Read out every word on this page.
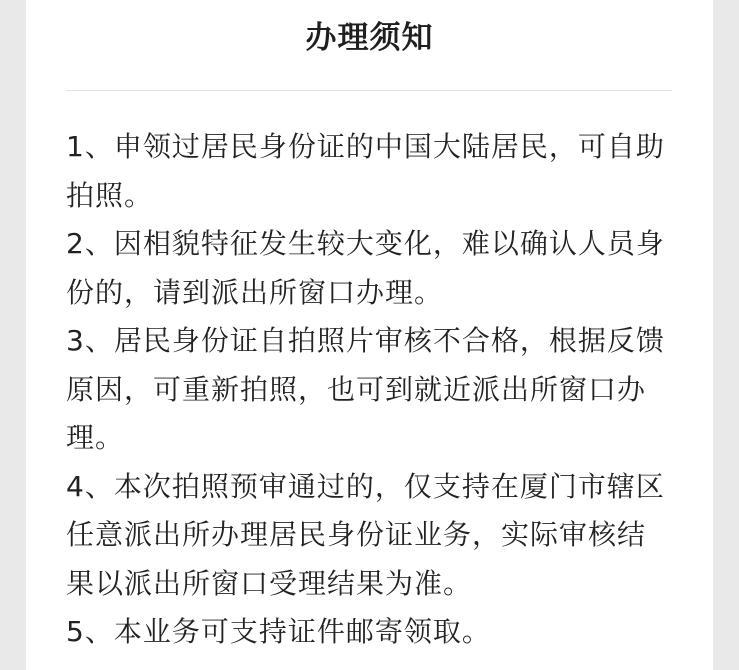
办理须知
1、申领过居民身份证的中国大陆居民，可自助拍照。
2、因相貌特征发生较大变化，难以确认人员身份的，请到派出所窗口办理。
3、居民身份证自拍照片审核不合格，根据反馈原因，可重新拍照，也可到就近派出所窗口办理。
4、本次拍照预审通过的，仅支持在厦门市辖区任意派出所办理居民身份证业务，实际审核结果以派出所窗口受理结果为准。
5、本业务可支持证件邮寄领取。
